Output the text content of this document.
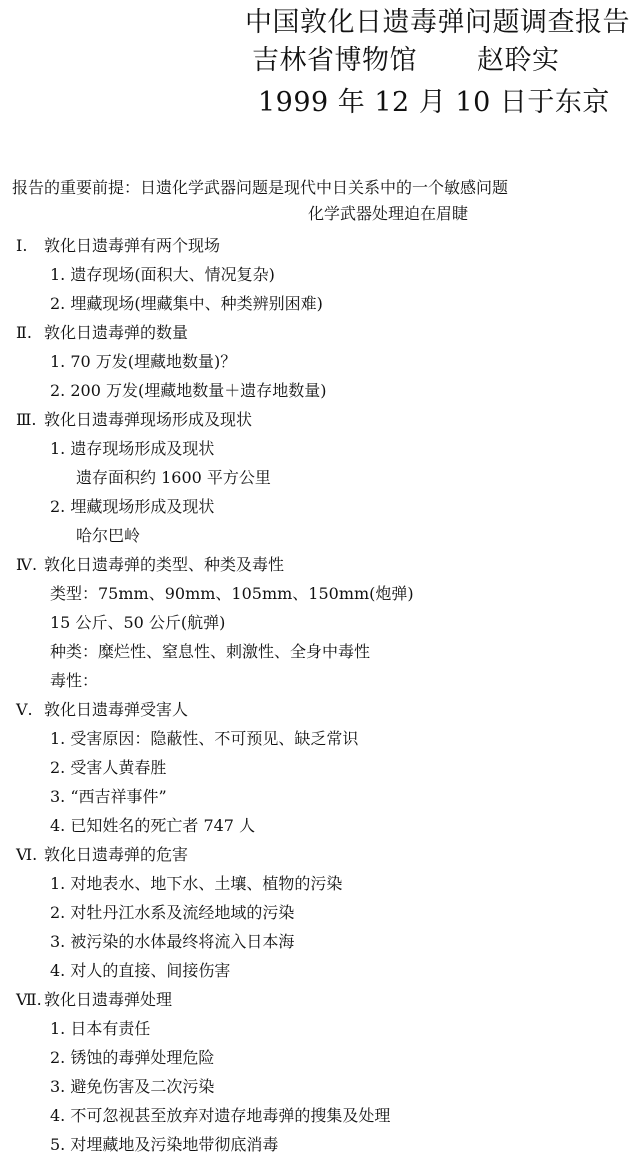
中国敦化日遗毒弹问题调查报告
吉林省博物馆 赵聆实
1999 年 12 月 10 日于东京
报告的重要前提：日遗化学武器问题是现代中日关系中的一个敏感问题
化学武器处理迫在眉睫
Ⅰ. 敦化日遗毒弹有两个现场
1. 遗存现场(面积大、情况复杂)
2. 埋藏现场(埋藏集中、种类辨别困难)
Ⅱ. 敦化日遗毒弹的数量
1. 70 万发(埋藏地数量)？
2. 200 万发(埋藏地数量＋遗存地数量)
Ⅲ. 敦化日遗毒弹现场形成及现状
1. 遗存现场形成及现状
遗存面积约 1600 平方公里
2. 埋藏现场形成及现状
哈尔巴岭
Ⅳ. 敦化日遗毒弹的类型、种类及毒性
类型：75mm、90mm、105mm、150mm(炮弹)
15 公斤、50 公斤(航弹)
种类：糜烂性、窒息性、刺激性、全身中毒性
毒性：
Ⅴ. 敦化日遗毒弹受害人
1. 受害原因：隐蔽性、不可预见、缺乏常识
2. 受害人黄春胜
3. “西吉祥事件”
4. 已知姓名的死亡者 747 人
Ⅵ. 敦化日遗毒弹的危害
1. 对地表水、地下水、土壤、植物的污染
2. 对牡丹江水系及流经地域的污染
3. 被污染的水体最终将流入日本海
4. 对人的直接、间接伤害
Ⅶ. 敦化日遗毒弹处理
1. 日本有责任
2. 锈蚀的毒弹处理危险
3. 避免伤害及二次污染
4. 不可忽视甚至放弃对遗存地毒弹的搜集及处理
5. 对埋藏地及污染地带彻底消毒
